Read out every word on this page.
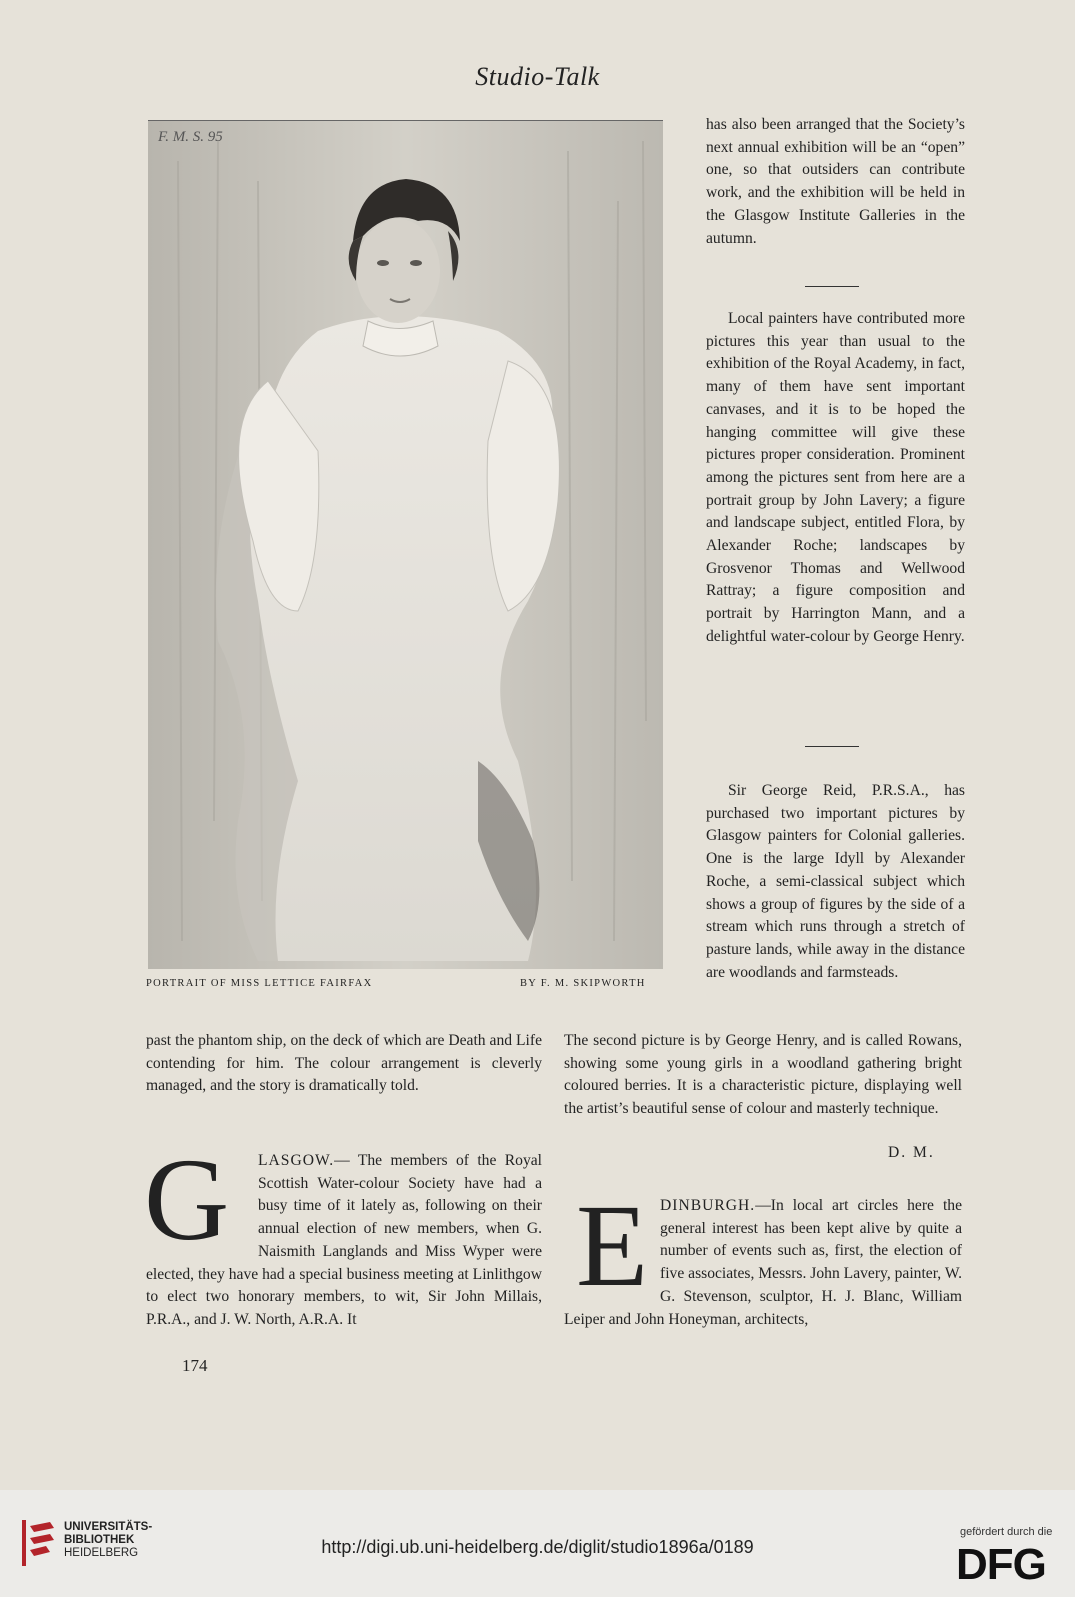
Studio-Talk
F. M. S. 95
PORTRAIT OF MISS LETTICE FAIRFAX	BY F. M. SKIPWORTH

has also been arranged that the Society’s next annual exhibition will be an “open” one, so that outsiders can contribute work, and the exhibition will be held in the Glasgow Institute Galleries in the autumn.

Local painters have contributed more pictures this year than usual to the exhibition of the Royal Academy, in fact, many of them have sent important canvases, and it is to be hoped the hanging committee will give these pictures proper consideration. Prominent among the pictures sent from here are a portrait group by John Lavery; a figure and landscape subject, entitled Flora, by Alexander Roche; landscapes by Grosvenor Thomas and Wellwood Rattray; a figure composition and portrait by Harrington Mann, and a delightful water-colour by George Henry.

Sir George Reid, P.R.S.A., has purchased two important pictures by Glasgow painters for Colonial galleries. One is the large Idyll by Alexander Roche, a semi-classical subject which shows a group of figures by the side of a stream which runs through a stretch of pasture lands, while away in the distance are woodlands and farmsteads.

past the phantom ship, on the deck of which are Death and Life contending for him. The colour arrangement is cleverly managed, and the story is dramatically told.

G	LASGOW.— The members of the Royal Scottish Water-colour Society have had a busy time of it lately as, following on their annual election of new members, when G. Naismith Langlands and Miss Wyper were elected, they have had a special business meeting at Linlithgow to elect two honorary members, to wit, Sir John Millais, P.R.A., and J. W. North, A.R.A. It

The second picture is by George Henry, and is called Rowans, showing some young girls in a woodland gathering bright coloured berries. It is a characteristic picture, displaying well the artist’s beautiful sense of colour and masterly technique.

D. M.
E DINBURGH.—In local art circles here the general interest has been kept alive by quite a number of events such as, first, the election of five associates, Messrs. John Lavery, painter, W. G. Stevenson, sculptor, H. J. Blanc, William Leiper and John Honeyman, architects,

174
UNIVERSITÄTS-
BIBLIOTHEK
HEIDELBERG	http://digi.ub.uni-heidelberg.de/diglit/studio1896a/0189
gefördert durch die
DFG
